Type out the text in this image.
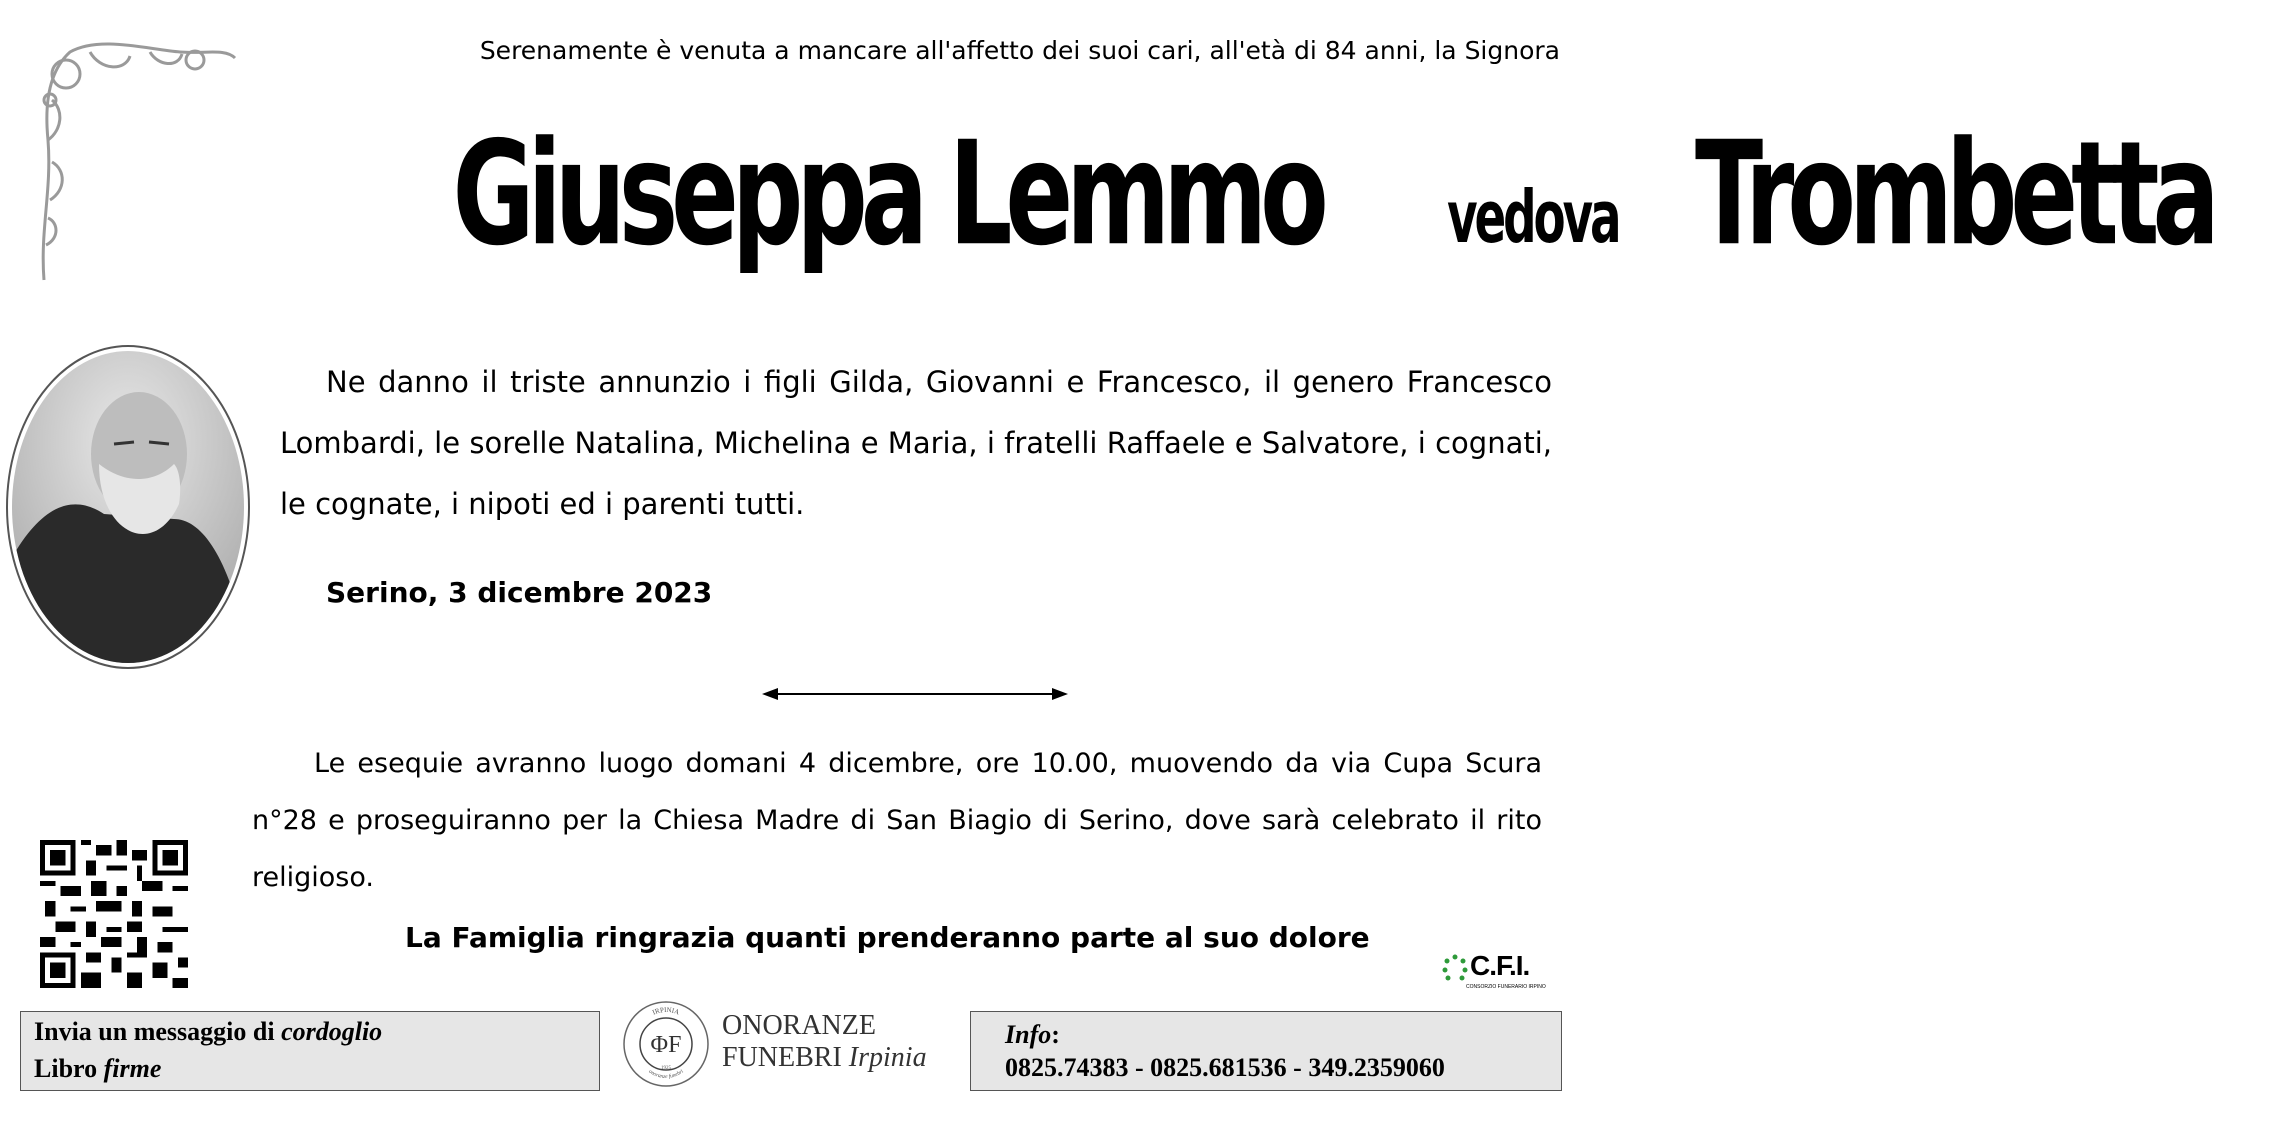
Serenamente è venuta a mancare all'affetto dei suoi cari, all'età di 84 anni, la Signora
Giuseppa Lemmo vedova Trombetta
Ne danno il triste annunzio i figli Gilda, Giovanni e Francesco, il genero Francesco Lombardi, le sorelle Natalina, Michelina e Maria, i fratelli Raffaele e Salvatore, i cognati, le cognate, i nipoti ed i parenti tutti.
Serino, 3 dicembre 2023
Le esequie avranno luogo domani 4 dicembre, ore 10.00, muovendo da via Cupa Scura n°28 e proseguiranno per la Chiesa Madre di San Biagio di Serino, dove sarà celebrato il rito religioso.
La Famiglia ringrazia quanti prenderanno parte al suo dolore
C.F.I.
CONSORZIO FUNERARIO IRPINO
Invia un messaggio di cordoglio
Libro firme
IRPINIA
onoranze funebri
ΦF
1925
ONORANZE
FUNEBRI Irpinia
Info:
0825.74383 - 0825.681536 - 349.2359060
